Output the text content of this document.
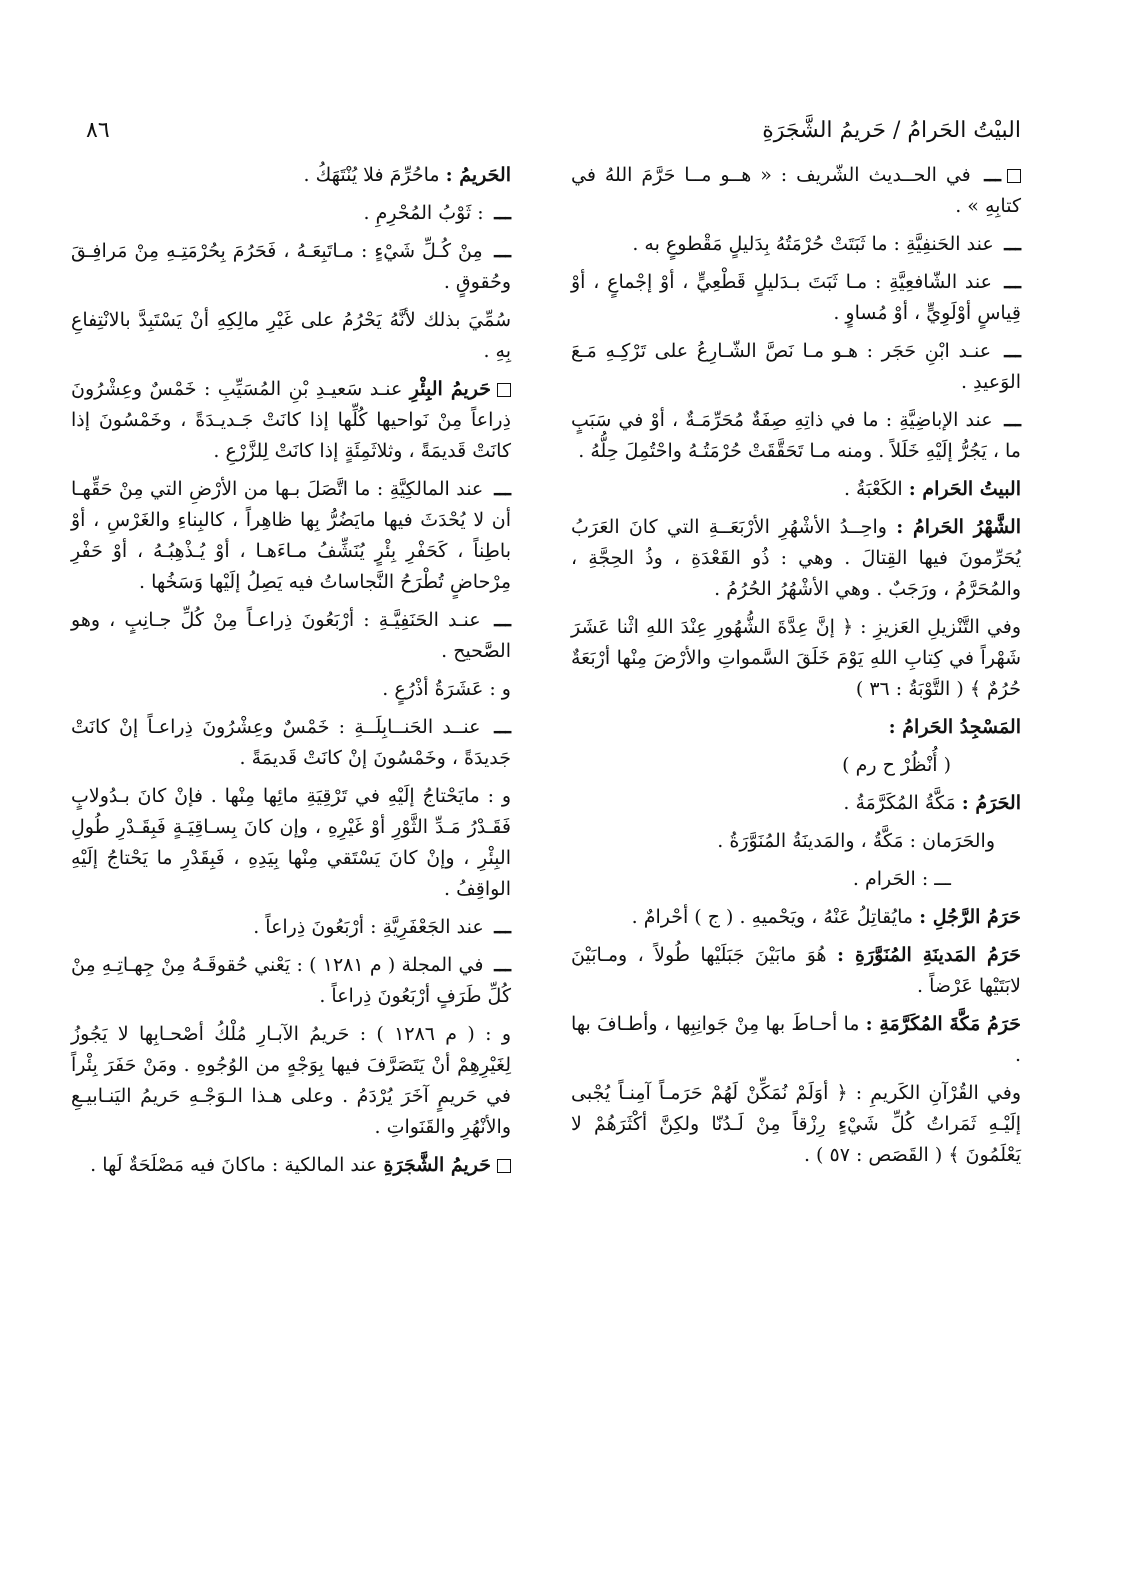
٨٦	البيْتُ الحَرامُ / حَريمُ الشَّجَرَةِ
ـــ في الحــديث الشّريف : « هــو مــا حَرَّمَ اللهُ في كتابِهِ » .
ـــ عند الحَنفِيَّةِ : ما ثَبَتَتْ حُرْمَتُهُ بِدَليلٍ مَقْطوعٍ به .
ـــ عند الشّافعِيَّةِ : مـا ثَبَتَ بـدَليلٍ قَطْعِيٍّ ، أوْ إجْماعٍ ، أوْ قِياسٍ أوْلَوِيٍّ ، أوْ مُساوٍ .
ـــ عنـد ابْنِ حَجَر : هـو مـا نَصَّ الشّـارِعُ على تَرْكِـهِ مَـعَ الوَعيدِ .
ـــ عند الإباضِيَّةِ : ما في ذاتِهِ صِفَةٌ مُحَرِّمَـةٌ ، أوْ في سَبَبٍ ما ، يَجُرُّ إلَيْهِ خَلَلاً . ومنه مـا تَحَقَّقَتْ حُرْمَتُـهُ واحْتُمِلَ حِلُّهُ .
البيتُ الحَرام : الكَعْبَةُ .
الشَّهْرُ الحَرامُ : واحِــدُ الأشْهُرِ الأرْبَعَــةِ التي كانَ العَرَبُ يُحَرِّمونَ فيها القِتالَ . وهي : ذُو القَعْدَةِ ، وذُ الحِجَّةِ ، والمُحَرَّمُ ، ورَجَبٌ . وهي الأشْهُرُ الحُرُمُ .
وفي التَّنْزيلِ العَزيزِ : ﴿ إنَّ عِدَّةَ الشُّهُورِ عِنْدَ اللهِ اثْنا عَشَرَ شَهْراً في كِتابِ اللهِ يَوْمَ خَلَقَ السَّمواتِ والأرْضَ مِنْها أرْبَعَةٌ حُرُمٌ ﴾ ( التَّوْبَةُ : ٣٦ )
المَسْجِدُ الحَرامُ :
( أُنْظُرْ ح رم )
الحَرَمُ : مَكَّةُ المُكَرَّمَةُ .
والحَرَمان : مَكَّةُ ، والمَدينَةُ المُنَوَّرَةُ .
ـــ : الحَرام .
حَرَمُ الرَّجُلِ : مايُقاتِلُ عَنْهُ ، ويَحْميهِ . ( ج ) أحْرامٌ .
حَرَمُ المَدينَةِ المُنَوَّرَةِ : هُوَ مابَيْنَ جَبَلَيْها طُولاً ، ومـابَيْنَ لابَتَيْها عَرْضاً .
حَرَمُ مَكَّةَ المُكَرَّمَةِ : ما أحـاطَ بها مِنْ جَوانِبِها ، وأطـافَ بها .
وفي القُرْآنِ الكَريمِ : ﴿ أوَلَمْ نُمَكِّنْ لَهُمْ حَرَمـاً آمِنـاً يُجْبى إلَيْـهِ ثَمَراتُ كُلِّ شَيْءٍ رِزْقاً مِنْ لَـدُنّا ولكِنَّ أكْثَرَهُمْ لا يَعْلَمُونَ ﴾ ( القَصَص : ٥٧ ) .
الحَريمُ : ماحُرِّمَ فلا يُنْتَهَكُ .
ـــ : ثَوْبُ المُحْرِمِ .
ـــ مِنْ كُـلِّ شَيْءٍ : مـاتَبِعَـهُ ، فَحَرُمَ بِحُرْمَتِـهِ مِنْ مَرافِـقَ وحُقوقٍ .
سُمِّيَ بذلك لأنَّهُ يَحْرُمُ على غَيْرِ مالِكِهِ أنْ يَسْتَبِدَّ بالانْتِفاعِ بِهِ .
حَريمُ البِئْرِ عنـد سَعيـدِ بْنِ المُسَيِّبِ : خَمْسٌ وعِشْرُونَ ذِراعاً مِنْ نَواحيها كُلِّها إذا كانَتْ جَـديـدَةً ، وخَمْسُونَ إذا كانَتْ قَديمَةً ، وثلاثَمِئَةٍ إذا كانَتْ لِلزَّرْعِ .
ـــ عند المالكِيَّةِ : ما اتَّصَلَ بـها من الأرْضِ التي مِنْ حَقِّهـا أن لا يُحْدَثَ فيها مايَضُرُّ بِها ظاهِراً ، كالبِناءِ والغَرْسِ ، أوْ باطِناً ، كَحَفْرِ بِئْرٍ يُنَشِّفُ مـاءَهـا ، أوْ يُـذْهِبُـهُ ، أوْ حَفْرِ مِرْحاضٍ تُطْرَحُ النَّجاساتُ فيه يَصِلُ إلَيْها وَسَخُها .
ـــ عنـد الحَنَفِيَّـةِ : أرْبَعُونَ ذِراعـاً مِنْ كُلِّ جـانِبٍ ، وهو الصَّحيح .
و : عَشَرَةُ أذْرُعٍ .
ـــ عنــد الحَنــابِلَــةِ : خَمْسٌ وعِشْرُونَ ذِراعـاً إنْ كانَتْ جَديدَةً ، وخَمْسُونَ إنْ كانَتْ قَديمَةً .
و : مايَحْتاجُ إلَيْهِ في تَرْقِيَةِ مائِها مِنْها . فإنْ كانَ بـدُولابٍ فَقَـدْرُ مَـدِّ الثَّوْرِ أوْ غَيْرِهِ ، وإن كانَ بِسـاقِيَـةٍ فَبِقَـدْرِ طُولِ البِئْرِ ، وإنْ كانَ يَسْتَقي مِنْها بِيَدِهِ ، فَبِقَدْرِ ما يَحْتاجُ إلَيْهِ الواقِفُ .
ـــ عند الجَعْفَرِيَّةِ : أرْبَعُونَ ذِراعاً .
ـــ في المجلة ( م ١٢٨١ ) : يَعْني حُقوقَـهُ مِنْ جِهـاتِـهِ مِنْ كُلِّ طَرَفٍ أرْبَعُونَ ذِراعاً .
و : ( م ١٢٨٦ ) : حَريمُ الآبـارِ مُلْكُ أصْحـابِها لا يَجُوزُ لِغَيْرِهِمْ أنْ يَتَصَرَّفَ فيها بِوَجْهٍ من الوُجُوهِ . ومَنْ حَفَرَ بِئْراً في حَريمٍ آخَرَ يُرْدَمُ . وعلى هـذا الـوَجْـهِ حَريمُ اليَنـابيـعِ والأنْهُرِ والقَنَواتِ .
حَريمُ الشَّجَرَةِ عند المالكية : ماكانَ فيه مَصْلَحَةٌ لَها .
